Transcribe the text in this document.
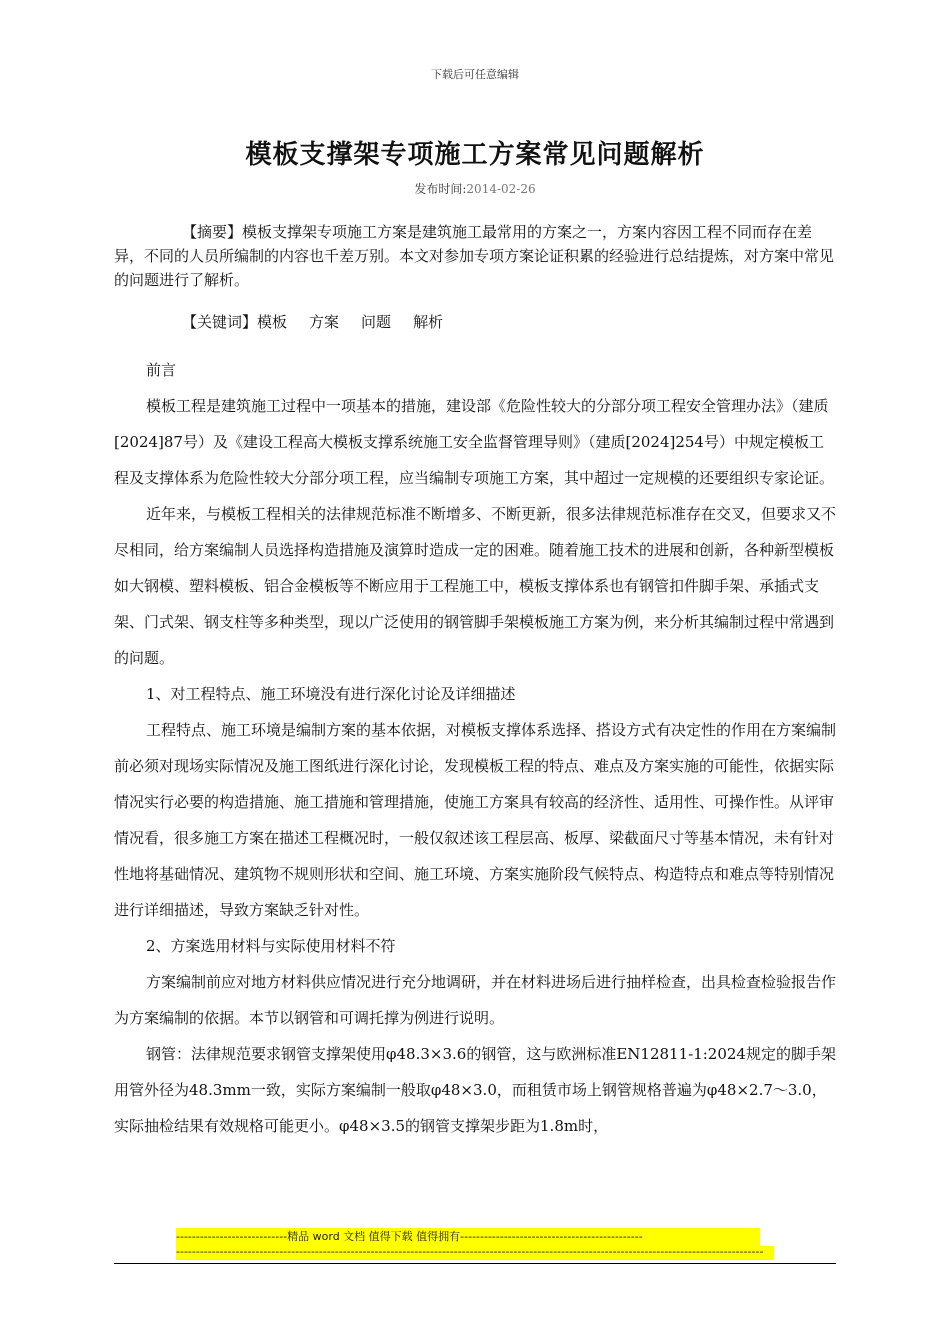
下载后可任意编辑
模板支撑架专项施工方案常见问题解析
发布时间:2014-02-26

【摘要】模板支撑架专项施工方案是建筑施工最常用的方案之一，方案内容因工程不同而存在差异，不同的人员所编制的内容也千差万别。本文对参加专项方案论证积累的经验进行总结提炼，对方案中常见的问题进行了解析。

【关键词】模板 方案 问题 解析

前言

模板工程是建筑施工过程中一项基本的措施，建设部《危险性较大的分部分项工程安全管理办法》（建质[2024]87号）及《建设工程高大模板支撑系统施工安全监督管理导则》（建质[2024]254号）中规定模板工程及支撑体系为危险性较大分部分项工程，应当编制专项施工方案，其中超过一定规模的还要组织专家论证。

近年来，与模板工程相关的法律规范标准不断增多、不断更新，很多法律规范标准存在交叉，但要求又不尽相同，给方案编制人员选择构造措施及演算时造成一定的困难。随着施工技术的进展和创新，各种新型模板如大钢模、塑料模板、铝合金模板等不断应用于工程施工中，模板支撑体系也有钢管扣件脚手架、承插式支架、门式架、钢支柱等多种类型，现以广泛使用的钢管脚手架模板施工方案为例，来分析其编制过程中常遇到的问题。

1、对工程特点、施工环境没有进行深化讨论及详细描述

工程特点、施工环境是编制方案的基本依据，对模板支撑体系选择、搭设方式有决定性的作用在方案编制前必须对现场实际情况及施工图纸进行深化讨论，发现模板工程的特点、难点及方案实施的可能性，依据实际情况实行必要的构造措施、施工措施和管理措施，使施工方案具有较高的经济性、适用性、可操作性。从评审情况看，很多施工方案在描述工程概况时，一般仅叙述该工程层高、板厚、梁截面尺寸等基本情况，未有针对性地将基础情况、建筑物不规则形状和空间、施工环境、方案实施阶段气候特点、构造特点和难点等特别情况进行详细描述，导致方案缺乏针对性。

2、方案选用材料与实际使用材料不符

方案编制前应对地方材料供应情况进行充分地调研，并在材料进场后进行抽样检查，出具检查检验报告作为方案编制的依据。本节以钢管和可调托撑为例进行说明。

钢管：法律规范要求钢管支撑架使用φ48.3×3.6的钢管，这与欧洲标准EN12811-1:2024规定的脚手架用管外径为48.3mm一致，实际方案编制一般取φ48×3.0，而租赁市场上钢管规格普遍为φ48×2.7～3.0，实际抽检结果有效规格可能更小。φ48×3.5的钢管支撑架步距为1.8m时，

----------------------------精品 word 文档 值得下载 值得拥有----------------------------------------------
----------------------------------------------------------------------------------------------------------------------------------------------------
